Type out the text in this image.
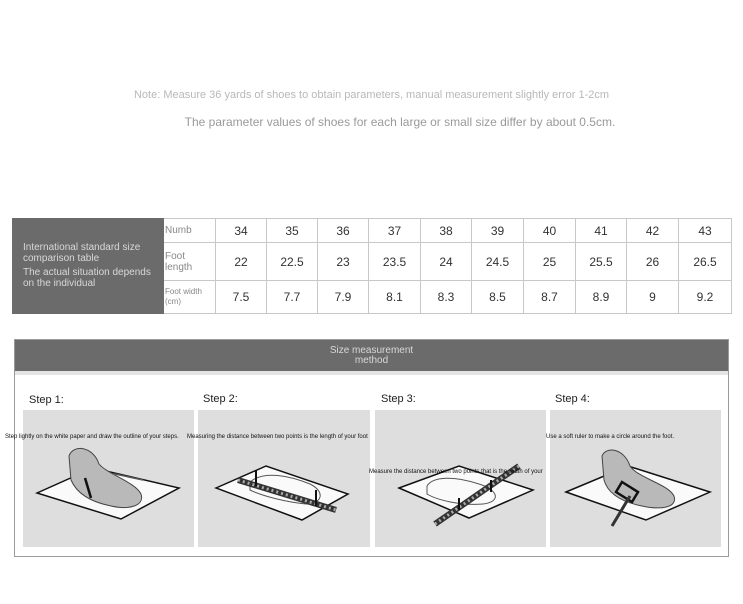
Note: Measure 36 yards of shoes to obtain parameters, manual measurement slightly error 1-2cm
The parameter values of shoes for each large or small size differ by about 0.5cm.
International standard size
comparison table
The actual situation depends
on the individual	Numb	34	35	36	37	38	39	40	41	42	43
	Foot length	22	22.5	23	23.5	24	24.5	25	25.5	26	26.5

	Foot width
(cm)	7.5	7.7	7.9	8.1	8.3	8.5	8.7	8.9	9	9.2
Size measurement
method
Step 1:
Step lightly on the white paper and draw the outline of your steps.
Step 2:
Measuring the distance between two points is the length of your foot
Step 3:
Measure the distance between two points that is the width of your
Step 4:
Use a soft ruler to make a circle around the foot.
